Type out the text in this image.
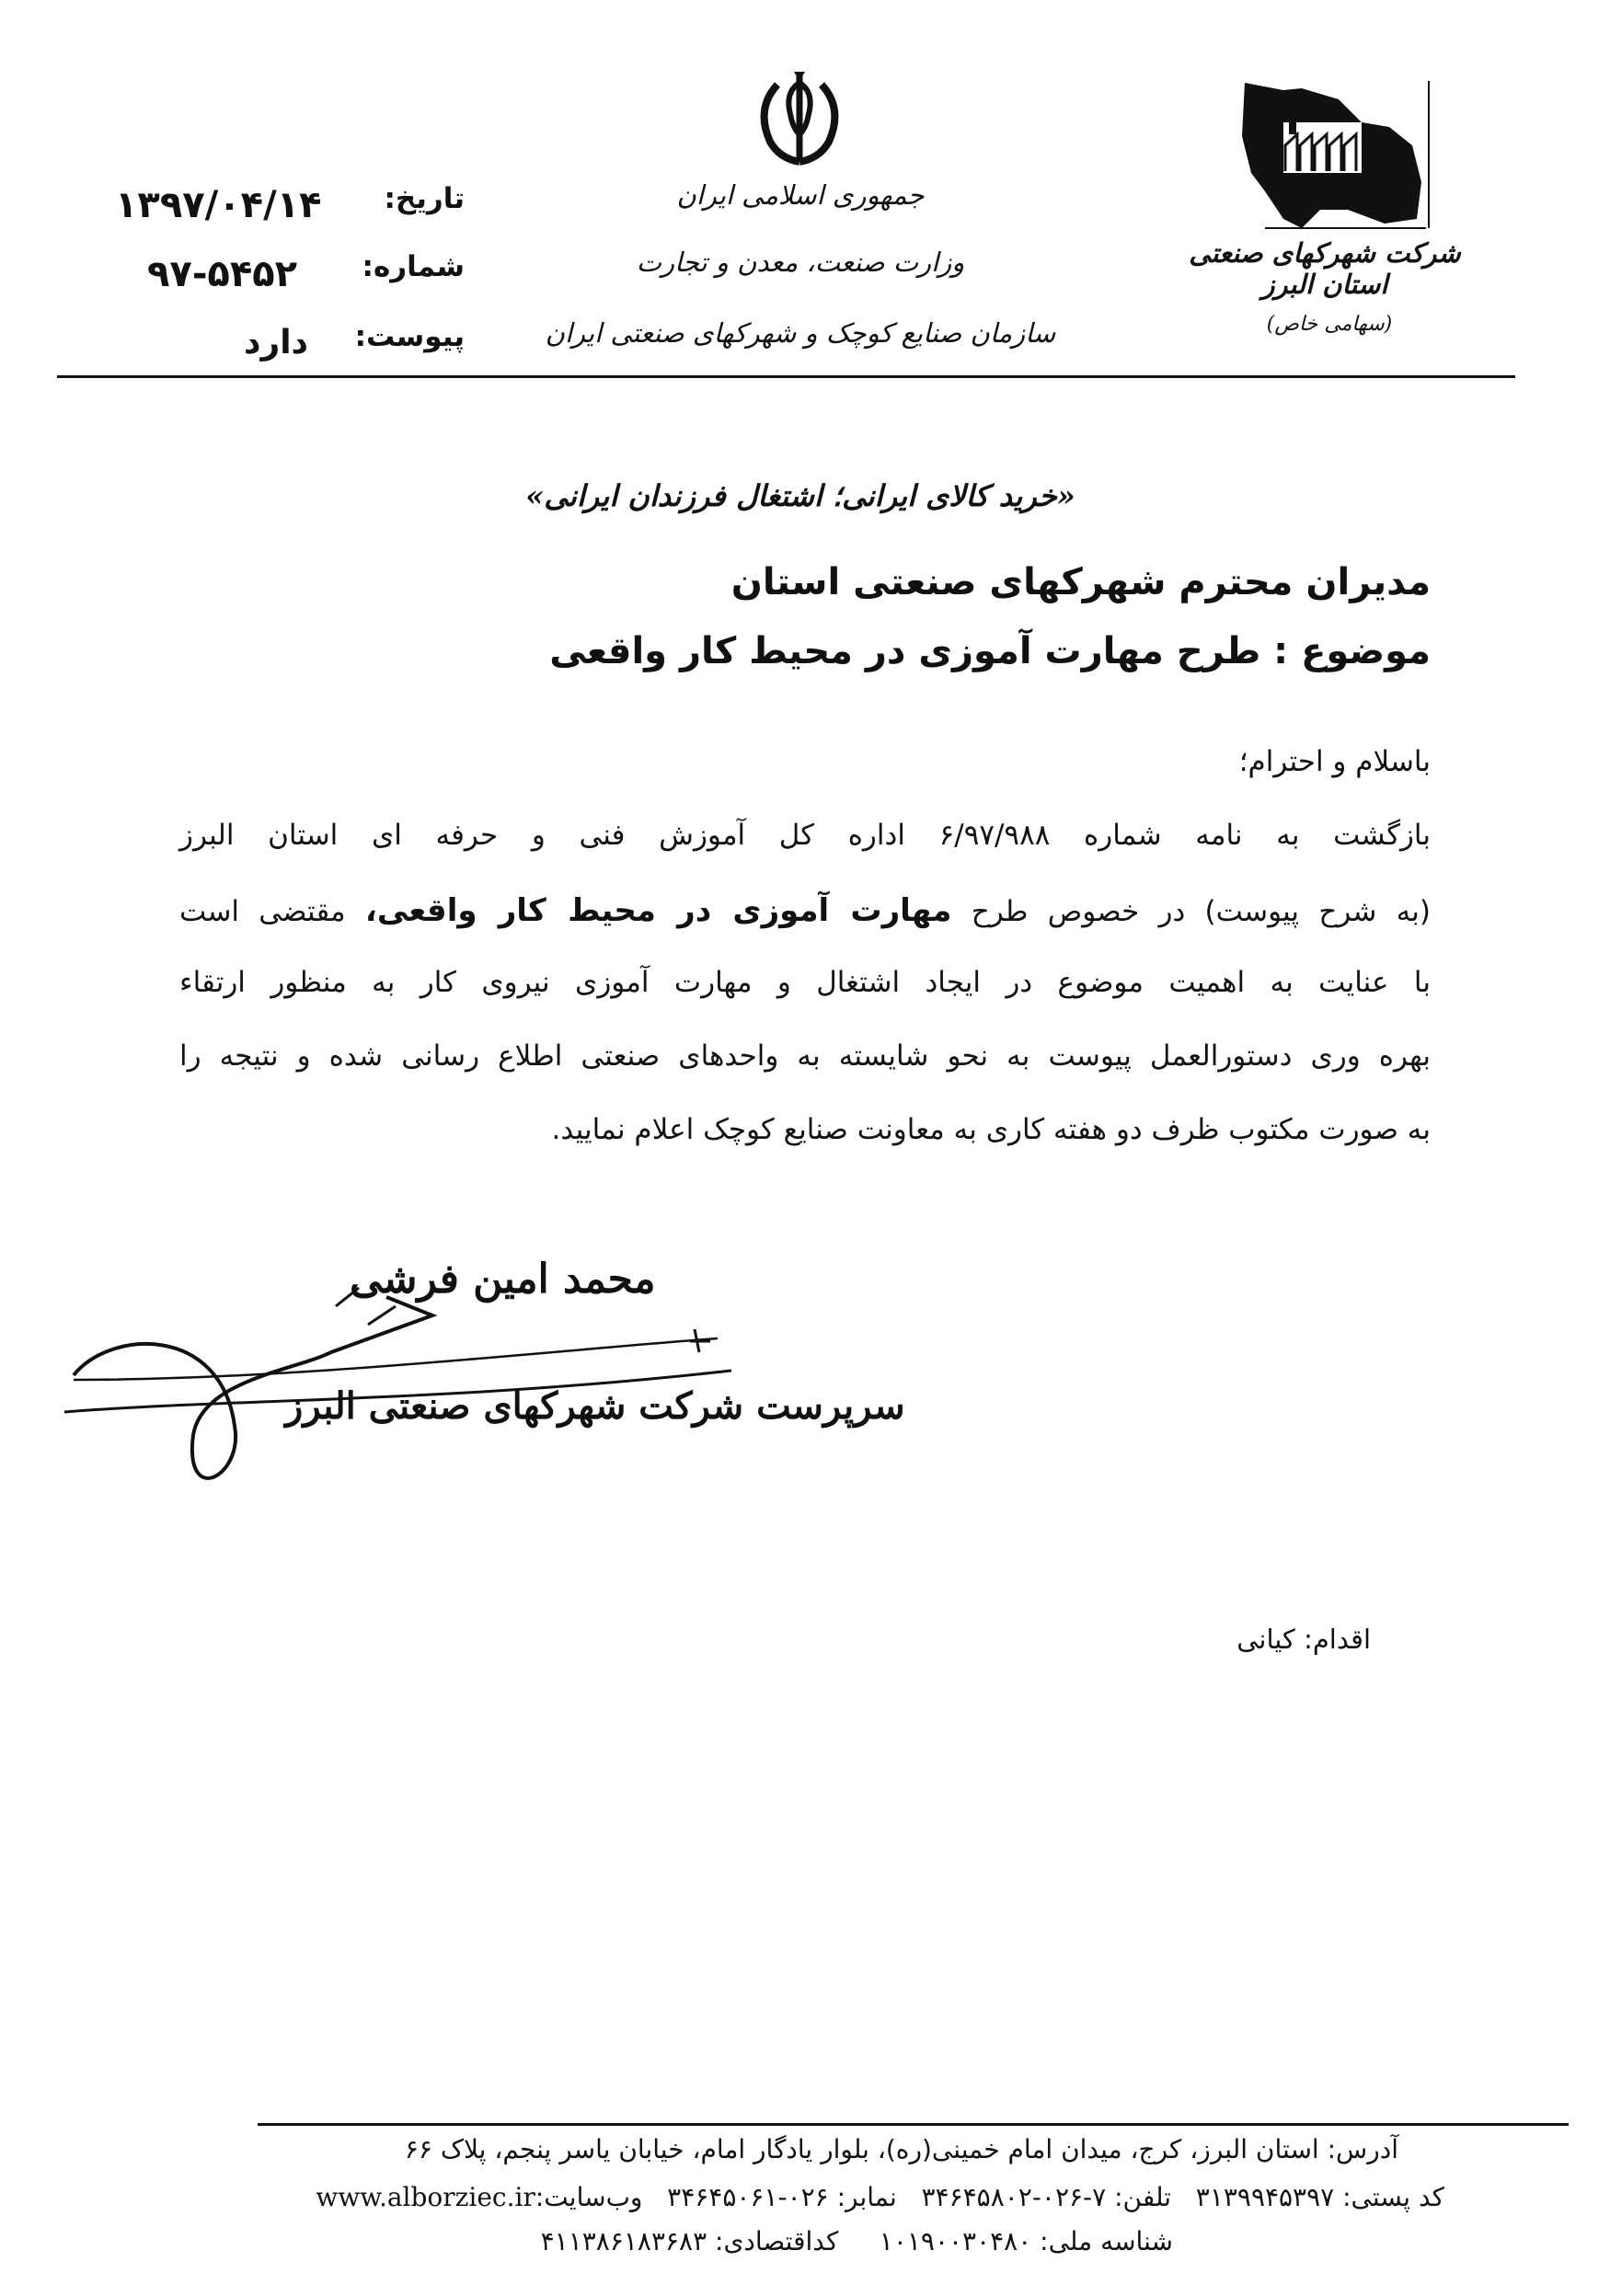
شرکت شهرکهای صنعتی استان البرز
(سهامی خاص)
جمهوری اسلامی ایران
وزارت صنعت، معدن و تجارت
سازمان صنایع کوچک و شهرکهای صنعتی ایران
تاریخ:
۱۳۹۷/۰۴/۱۴
شماره:
۹۷-۵۴۵۲
پیوست:
دارد
«خرید کالای ایرانی؛ اشتغال فرزندان ایرانی»
مدیران محترم شهرکهای صنعتی استان
موضوع : طرح مهارت آموزی در محیط کار واقعی
باسلام و احترام؛
بازگشت به نامه شماره ۶/۹۷/۹۸۸ اداره کل آموزش فنی و حرفه ای استان البرز
(به شرح پیوست) در خصوص طرح مهارت آموزی در محیط کار واقعی، مقتضی است
با عنایت به اهمیت موضوع در ایجاد اشتغال و مهارت آموزی نیروی کار به منظور ارتقاء
بهره وری دستورالعمل پیوست به نحو شایسته به واحدهای صنعتی اطلاع رسانی شده و نتیجه را
به صورت مکتوب ظرف دو هفته کاری به معاونت صنایع کوچک اعلام نمایید.
محمد امین فرشی
سرپرست شرکت شهرکهای صنعتی البرز
اقدام: کیانی
آدرس: استان البرز، کرج، میدان امام خمینی(ره)، بلوار یادگار امام، خیابان یاسر پنجم، پلاک ۶۶
کد پستی: ۳۱۳۹۹۴۵۳۹۷   تلفن: ۷-۰۲۶-۳۴۶۴۵۸۰۲   نمابر: ۰۲۶-۳۴۶۴۵۰۶۱   وب‌سایت:www.alborziec.ir
شناسه ملی: ۱۰۱۹۰۰۳۰۴۸۰     کداقتصادی: ۴۱۱۳۸۶۱۸۳۶۸۳
